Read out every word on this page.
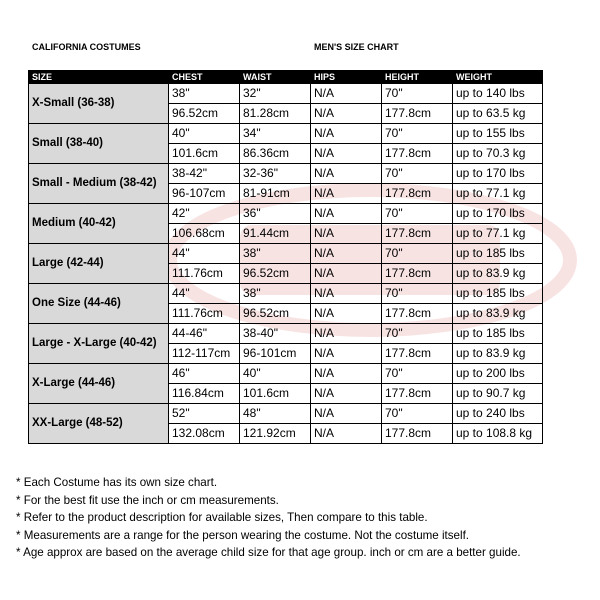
CALIFORNIA COSTUMES	MEN'S SIZE CHART
SIZE	CHEST	WAIST	HIPS	HEIGHT	WEIGHT
X-Small (36-38)	38"	32"	N/A	70"	up to 140 lbs
	96.52cm	81.28cm	N/A	177.8cm	up to 63.5 kg
Small (38-40)	40"	34"	N/A	70"	up to 155 lbs
	101.6cm	86.36cm	N/A	177.8cm	up to 70.3 kg
Small - Medium (38-42)	38-42"	32-36"	N/A	70"	up to 170 lbs
	96-107cm	81-91cm	N/A	177.8cm	up to 77.1 kg
Medium (40-42)	42"	36"	N/A	70"	up to 170 lbs
	106.68cm	91.44cm	N/A	177.8cm	up to 77.1 kg
Large (42-44)	44"	38"	N/A	70"	up to 185 lbs
	111.76cm	96.52cm	N/A	177.8cm	up to 83.9 kg
One Size (44-46)	44"	38"	N/A	70"	up to 185 lbs
	111.76cm	96.52cm	N/A	177.8cm	up to 83.9 kg
Large - X-Large (40-42)	44-46"	38-40"	N/A	70"	up to 185 lbs
	112-117cm	96-101cm	N/A	177.8cm	up to 83.9 kg
X-Large (44-46)	46"	40"	N/A	70"	up to 200 lbs
	116.84cm	101.6cm	N/A	177.8cm	up to 90.7 kg
XX-Large (48-52)	52"	48"	N/A	70"	up to 240 lbs
	132.08cm	121.92cm	N/A	177.8cm	up to 108.8 kg
* Each Costume has its own size chart.
* For the best fit use the inch or cm measurements.
* Refer to the product description for available sizes, Then compare to this table.
* Measurements are a range for the person wearing the costume. Not the costume itself.
* Age approx are based on the average child size for that age group. inch or cm are a better guide.
